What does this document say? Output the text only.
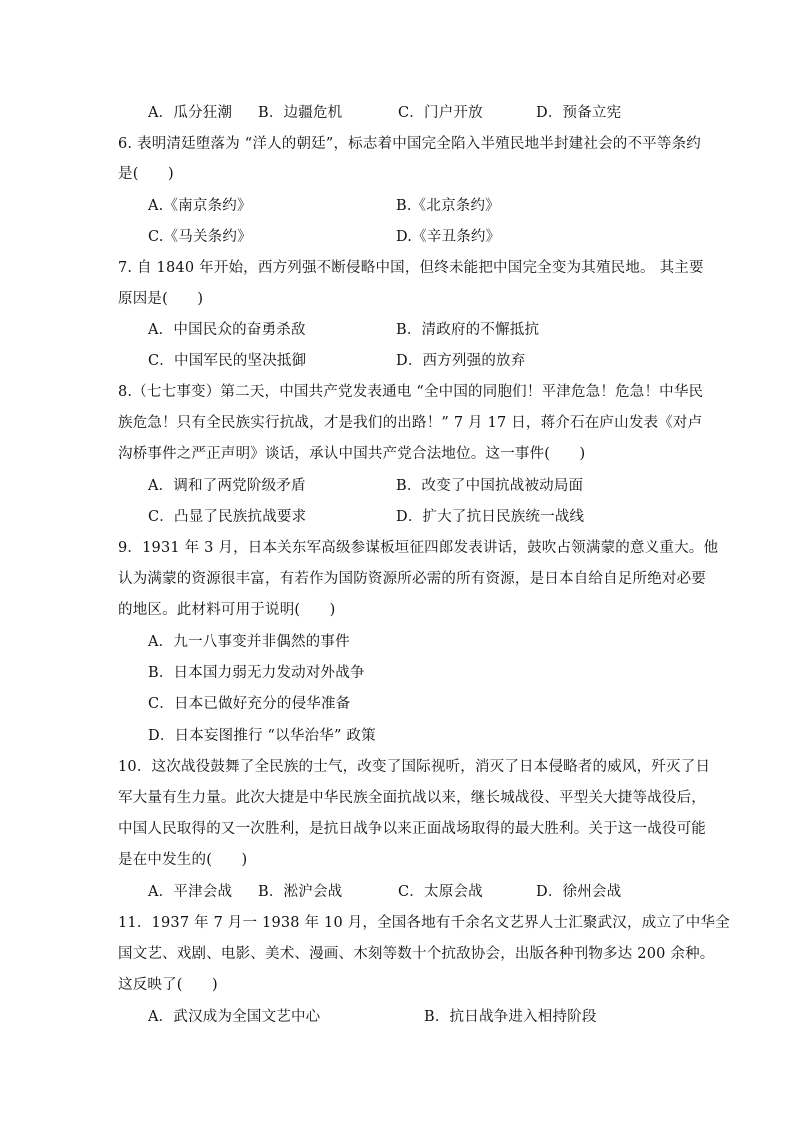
A．瓜分狂潮 B．边疆危机	C．门户开放	D．预备立宪
6. 表明清廷堕落为 “洋人的朝廷”，标志着中国完全陷入半殖民地半封建社会的不平等条约
是(　　)
A.《南京条约》	B.《北京条约》
C.《马关条约》	D.《辛丑条约》
7. 自 1840 年开始，西方列强不断侵略中国，但终未能把中国完全变为其殖民地。 其主要
原因是(　　)
A．中国民众的奋勇杀敌	B．清政府的不懈抵抗
C．中国军民的坚决抵御	D．西方列强的放弃
8.（七七事变）第二天，中国共产党发表通电 “全中国的同胞们！平津危急！危急！中华民
族危急！只有全民族实行抗战，才是我们的出路！” 7 月 17 日，蒋介石在庐山发表《对卢
沟桥事件之严正声明》谈话，承认中国共产党合法地位。这一事件(　　)
A．调和了两党阶级矛盾	B．改变了中国抗战被动局面
C．凸显了民族抗战要求	D．扩大了抗日民族统一战线
9．1931 年 3 月，日本关东军高级参谋板垣征四郎发表讲话，鼓吹占领满蒙的意义重大。他
认为满蒙的资源很丰富，有若作为国防资源所必需的所有资源，是日本自给自足所绝对必要
的地区。此材料可用于说明(　　)
A．九一八事变并非偶然的事件
B．日本国力弱无力发动对外战争
C．日本已做好充分的侵华准备
D．日本妄图推行 “以华治华” 政策
10．这次战役鼓舞了全民族的士气，改变了国际视听，消灭了日本侵略者的威风，歼灭了日
军大量有生力量。此次大捷是中华民族全面抗战以来，继长城战役、平型关大捷等战役后，
中国人民取得的又一次胜利，是抗日战争以来正面战场取得的最大胜利。关于这一战役可能
是在中发生的(　　)
A．平津会战 B．淞沪会战	C．太原会战	D．徐州会战
11．1937 年 7 月一 1938 年 10 月，全国各地有千余名文艺界人士汇聚武汉，成立了中华全
国文艺、戏剧、电影、美术、漫画、木刻等数十个抗敌协会，出版各种刊物多达 200 余种。
这反映了(　　)
A．武汉成为全国文艺中心	B．抗日战争进入相持阶段
